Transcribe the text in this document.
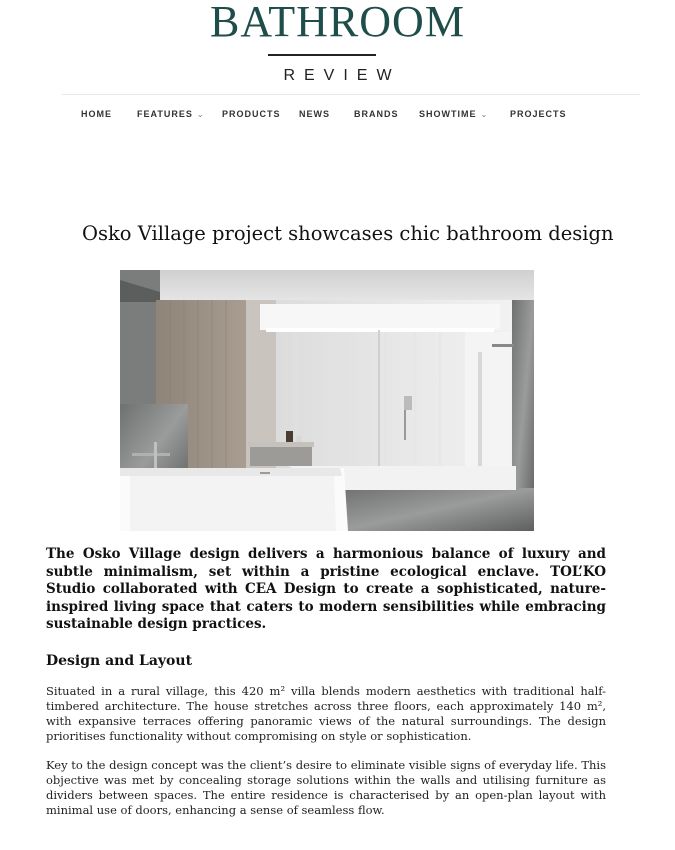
BATHROOM
REVIEW
HOME	FEATURES ⌄ PRODUCTS NEWS	BRANDS SHOWTIME ⌄ PROJECTS
Osko Village project showcases chic bathroom design

The Osko Village design delivers a harmonious balance of luxury and subtle minimalism, set within a pristine ecological enclave. TOL’KO Studio collaborated with CEA Design to create a sophisticated, nature-inspired living space that caters to modern sensibilities while embracing sustainable design practices.

Design and Layout

Situated in a rural village, this 420 m² villa blends modern aesthetics with traditional half-timbered architecture. The house stretches across three floors, each approximately 140 m², with expansive terraces offering panoramic views of the natural surroundings. The design prioritises functionality without compromising on style or sophistication.

Key to the design concept was the client’s desire to eliminate visible signs of everyday life. This objective was met by concealing storage solutions within the walls and utilising furniture as dividers between spaces. The entire residence is characterised by an open-plan layout with minimal use of doors, enhancing a sense of seamless flow.
